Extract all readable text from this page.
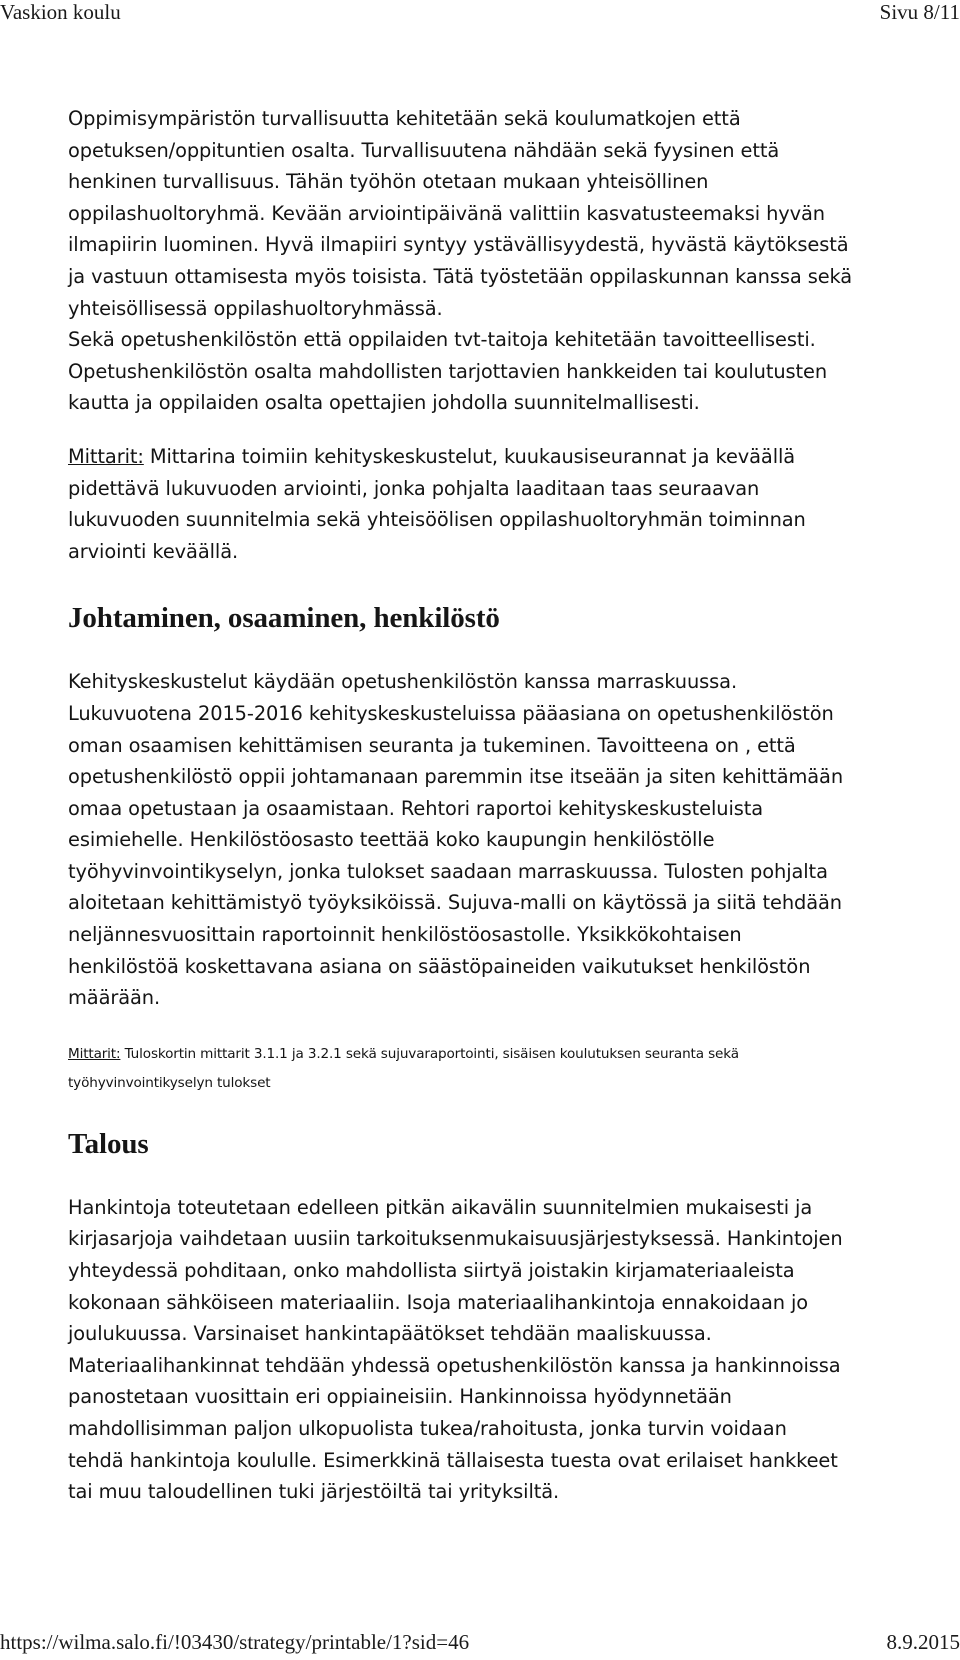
Vaskion koulu	Sivu 8/11

Oppimisympäristön turvallisuutta kehitetään sekä koulumatkojen että

opetuksen/oppituntien osalta. Turvallisuutena nähdään sekä fyysinen että

henkinen turvallisuus. Tähän työhön otetaan mukaan yhteisöllinen

oppilashuoltoryhmä. Kevään arviointipäivänä valittiin kasvatusteemaksi hyvän

ilmapiirin luominen. Hyvä ilmapiiri syntyy ystävällisyydestä, hyvästä käytöksestä

ja vastuun ottamisesta myös toisista. Tätä työstetään oppilaskunnan kanssa sekä

yhteisöllisessä oppilashuoltoryhmässä.

Sekä opetushenkilöstön että oppilaiden tvt-taitoja kehitetään tavoitteellisesti.

Opetushenkilöstön osalta mahdollisten tarjottavien hankkeiden tai koulutusten

kautta ja oppilaiden osalta opettajien johdolla suunnitelmallisesti.

Mittarit: Mittarina toimiin kehityskeskustelut, kuukausiseurannat ja keväällä

pidettävä lukuvuoden arviointi, jonka pohjalta laaditaan taas seuraavan

lukuvuoden suunnitelmia sekä yhteisöölisen oppilashuoltoryhmän toiminnan

arviointi keväällä.

Johtaminen, osaaminen, henkilöstö

Kehityskeskustelut käydään opetushenkilöstön kanssa marraskuussa.

Lukuvuotena 2015-2016 kehityskeskusteluissa pääasiana on opetushenkilöstön

oman osaamisen kehittämisen seuranta ja tukeminen. Tavoitteena on , että

opetushenkilöstö oppii johtamanaan paremmin itse itseään ja siten kehittämään

omaa opetustaan ja osaamistaan. Rehtori raportoi kehityskeskusteluista

esimiehelle. Henkilöstöosasto teettää koko kaupungin henkilöstölle

työhyvinvointikyselyn, jonka tulokset saadaan marraskuussa. Tulosten pohjalta

aloitetaan kehittämistyö työyksiköissä. Sujuva-malli on käytössä ja siitä tehdään

neljännesvuosittain raportoinnit henkilöstöosastolle. Yksikkökohtaisen

henkilöstöä koskettavana asiana on säästöpaineiden vaikutukset henkilöstön

määrään.

Mittarit: Tuloskortin mittarit 3.1.1 ja 3.2.1 sekä sujuvaraportointi, sisäisen koulutuksen seuranta sekä

työhyvinvointikyselyn tulokset

Talous

Hankintoja toteutetaan edelleen pitkän aikavälin suunnitelmien mukaisesti ja

kirjasarjoja vaihdetaan uusiin tarkoituksenmukaisuusjärjestyksessä. Hankintojen

yhteydessä pohditaan, onko mahdollista siirtyä joistakin kirjamateriaaleista

kokonaan sähköiseen materiaaliin. Isoja materiaalihankintoja ennakoidaan jo

joulukuussa. Varsinaiset hankintapäätökset tehdään maaliskuussa.

Materiaalihankinnat tehdään yhdessä opetushenkilöstön kanssa ja hankinnoissa

panostetaan vuosittain eri oppiaineisiin. Hankinnoissa hyödynnetään

mahdollisimman paljon ulkopuolista tukea/rahoitusta, jonka turvin voidaan

tehdä hankintoja koululle. Esimerkkinä tällaisesta tuesta ovat erilaiset hankkeet

tai muu taloudellinen tuki järjestöiltä tai yrityksiltä.

https://wilma.salo.fi/!03430/strategy/printable/1?sid=46	8.9.2015
